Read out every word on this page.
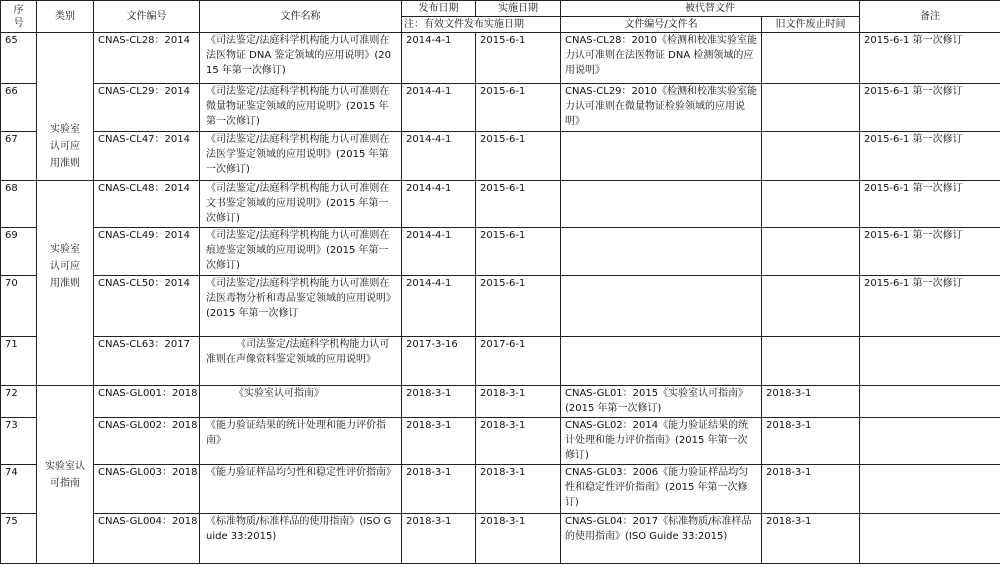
序
号	类别	文件编号	文件名称	发布日期	实施日期	被代替文件		备注
				注：有效文件发布实施日期		文件编号/文件名	旧文件废止时间	
65	实验室认可应用准则	CNAS-CL28：2014	《司法鉴定/法庭科学机构能力认可准则在法医物证 DNA 鉴定领域的应用说明》(2015 年第一次修订)	2014-4-1	2015-6-1	CNAS-CL28：2010《检测和校准实验室能力认可准则在法医物证 DNA 检测领域的应用说明》		2015-6-1 第一次修订
66		CNAS-CL29：2014	《司法鉴定/法庭科学机构能力认可准则在微量物证鉴定领域的应用说明》(2015 年第一次修订)	2014-4-1	2015-6-1	CNAS-CL29：2010《检测和校准实验室能力认可准则在微量物证检验领域的应用说明》		2015-6-1 第一次修订
67		CNAS-CL47：2014	《司法鉴定/法庭科学机构能力认可准则在法医学鉴定领域的应用说明》(2015 年第一次修订)	2014-4-1	2015-6-1			2015-6-1 第一次修订
68	实验室认可应用准则	CNAS-CL48：2014	《司法鉴定/法庭科学机构能力认可准则在文书鉴定领域的应用说明》(2015 年第一次修订)	2014-4-1	2015-6-1			2015-6-1 第一次修订
69		CNAS-CL49：2014	《司法鉴定/法庭科学机构能力认可准则在痕迹鉴定领域的应用说明》(2015 年第一次修订)	2014-4-1	2015-6-1			2015-6-1 第一次修订
70		CNAS-CL50：2014	《司法鉴定/法庭科学机构能力认可准则在法医毒物分析和毒品鉴定领域的应用说明》(2015 年第一次修订	2014-4-1	2015-6-1			2015-6-1 第一次修订
71		CNAS-CL63：2017	《司法鉴定/法庭科学机构能力认可准则在声像资料鉴定领域的应用说明》	2017-3-16	2017-6-1			
72	实验室认可指南	CNAS-GL001：2018	《实验室认可指南》	2018-3-1	2018-3-1	CNAS-GL01：2015《实验室认可指南》(2015 年第一次修订)	2018-3-1	
73		CNAS-GL002：2018	《能力验证结果的统计处理和能力评价指南》	2018-3-1	2018-3-1	CNAS-GL02：2014《能力验证结果的统计处理和能力评价指南》(2015 年第一次修订)	2018-3-1	
74		CNAS-GL003：2018	《能力验证样品均匀性和稳定性评价指南》	2018-3-1	2018-3-1	CNAS-GL03：2006《能力验证样品均匀性和稳定性评价指南》(2015 年第一次修订)	2018-3-1	
75		CNAS-GL004：2018	《标准物质/标准样品的使用指南》(ISO Guide 33:2015)	2018-3-1	2018-3-1	CNAS-GL04：2017《标准物质/标准样品的使用指南》(ISO Guide 33:2015)	2018-3-1	
